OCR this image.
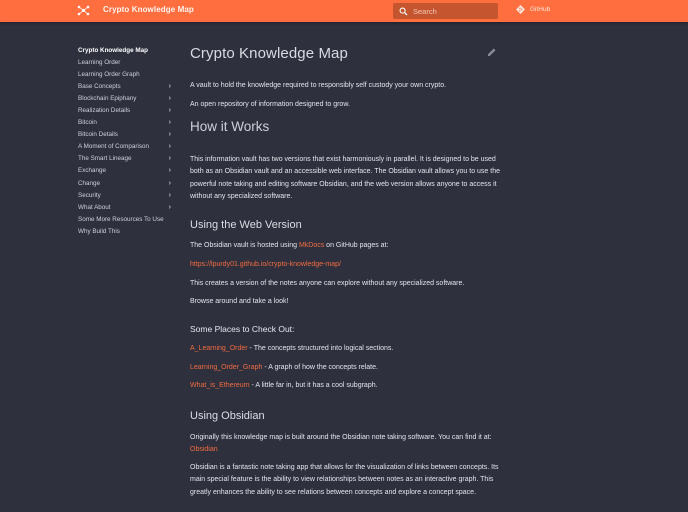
Crypto Knowledge Map
Search	GitHub
Crypto Knowledge Map
Learning Order
Learning Order Graph
Base Concepts	›
Blockchain Epiphany	›
Realization Details	›
Bitcoin	›
Bitcoin Details	›
A Moment of Comparison	›
The Smart Lineage	›
Exchange	›
Change	›
Security	›
What About	›
Some More Resources To Use
Why Build This
Crypto Knowledge Map

A vault to hold the knowledge required to responsibly self custody your own crypto.

An open repository of information designed to grow.

How it Works

This information vault has two versions that exist harmoniously in parallel. It is designed to be used both as an Obsidian vault and an accessible web interface. The Obsidian vault allows you to use the powerful note taking and editing software Obsidian, and the web version allows anyone to access it without any specialized software.

Using the Web Version

The Obsidian vault is hosted using MkDocs on GitHub pages at:

https://lpurdy01.github.io/crypto-knowledge-map/

This creates a version of the notes anyone can explore without any specialized software.

Browse around and take a look!

Some Places to Check Out:

A_Learning_Order - The concepts structured into logical sections.

Learning_Order_Graph - A graph of how the concepts relate.

What_is_Ethereum - A little far in, but it has a cool subgraph.

Using Obsidian

Originally this knowledge map is built around the Obsidian note taking software. You can find it at: Obsidian

Obsidian is a fantastic note taking app that allows for the visualization of links between concepts. Its main special feature is the ability to view relationships between notes as an interactive graph. This greatly enhances the ability to see relations between concepts and explore a concept space.
